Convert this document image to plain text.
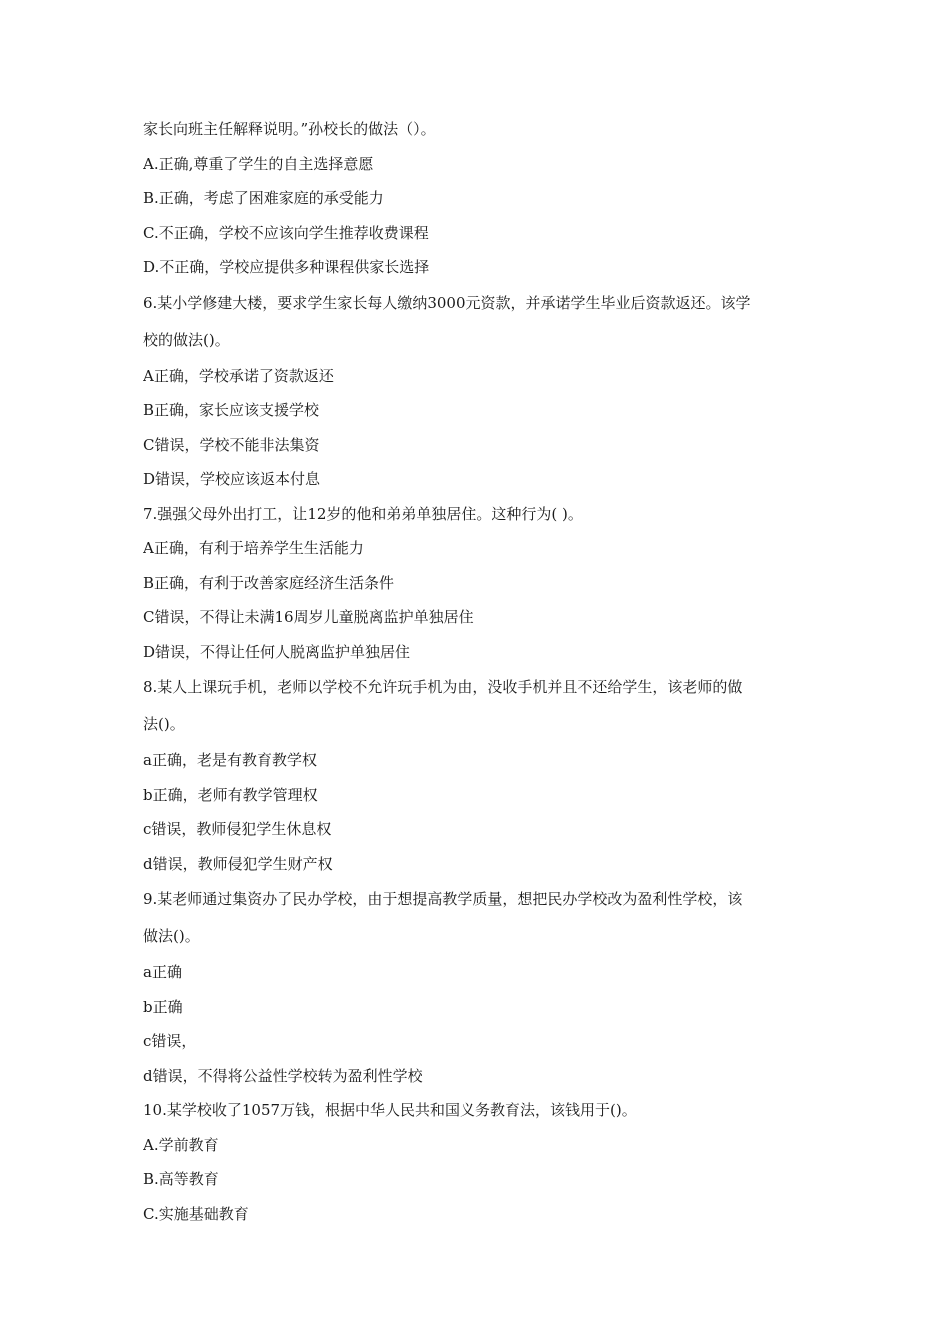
家长向班主任解释说明。”孙校长的做法（）。
A.正确,尊重了学生的自主选择意愿
B.正确，考虑了困难家庭的承受能力
C.不正确，学校不应该向学生推荐收费课程
D.不正确，学校应提供多种课程供家长选择
6.某小学修建大楼，要求学生家长每人缴纳3000元资款，并承诺学生毕业后资款返还。该学
校的做法()。
A正确，学校承诺了资款返还
B正确，家长应该支援学校
C错误，学校不能非法集资
D错误，学校应该返本付息
7.强强父母外出打工，让12岁的他和弟弟单独居住。这种行为( )。
A正确，有利于培养学生生活能力
B正确，有利于改善家庭经济生活条件
C错误，不得让未满16周岁儿童脱离监护单独居住
D错误，不得让任何人脱离监护单独居住
8.某人上课玩手机，老师以学校不允许玩手机为由，没收手机并且不还给学生，该老师的做
法()。
a正确，老是有教育教学权
b正确，老师有教学管理权
c错误，教师侵犯学生休息权
d错误，教师侵犯学生财产权
9.某老师通过集资办了民办学校，由于想提高教学质量，想把民办学校改为盈利性学校，该
做法()。
a正确
b正确
c错误，
d错误，不得将公益性学校转为盈利性学校
10.某学校收了1057万钱，根据中华人民共和国义务教育法，该钱用于()。
A.学前教育
B.高等教育
C.实施基础教育
